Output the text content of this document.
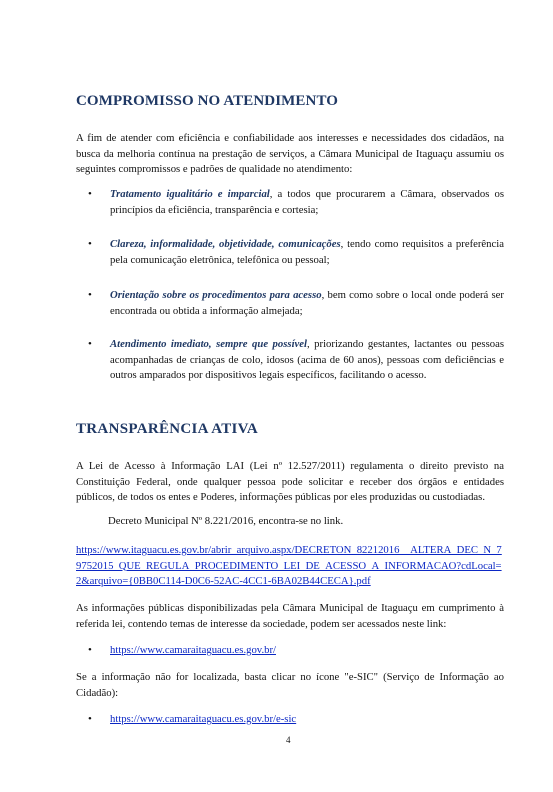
COMPROMISSO NO ATENDIMENTO

A fim de atender com eficiência e confiabilidade aos interesses e necessidades dos cidadãos, na busca da melhoria contínua na prestação de serviços, a Câmara Municipal de Itaguaçu assumiu os seguintes compromissos e padrões de qualidade no atendimento:

•	Tratamento igualitário e imparcial, a todos que procurarem a Câmara, observados os princípios da eficiência, transparência e cortesia;
•	Clareza, informalidade, objetividade, comunicações, tendo como requisitos a preferência pela comunicação eletrônica, telefônica ou pessoal;
•	Orientação sobre os procedimentos para acesso, bem como sobre o local onde poderá ser encontrada ou obtida a informação almejada;
•	Atendimento imediato, sempre que possível, priorizando gestantes, lactantes ou pessoas acompanhadas de crianças de colo, idosos (acima de 60 anos), pessoas com deficiências e outros amparados por dispositivos legais específicos, facilitando o acesso.
TRANSPARÊNCIA ATIVA

A Lei de Acesso à Informação LAI (Lei nº 12.527/2011) regulamenta o direito previsto na Constituição Federal, onde qualquer pessoa pode solicitar e receber dos órgãos e entidades públicos, de todos os entes e Poderes, informações públicas por eles produzidas ou custodiadas.

Decreto Municipal Nº 8.221/2016, encontra-se no link.

https://www.itaguacu.es.gov.br/abrir_arquivo.aspx/DECRETON_82212016__ALTERA_DEC_N_79752015_QUE_REGULA_PROCEDIMENTO_LEI_DE_ACESSO_A_INFORMACAO?cdLocal=2&arquivo={0BB0C114-D0C6-52AC-4CC1-6BA02B44CECA}.pdf

As informações públicas disponibilizadas pela Câmara Municipal de Itaguaçu em cumprimento à referida lei, contendo temas de interesse da sociedade, podem ser acessados neste link:

•	https://www.camaraitaguacu.es.gov.br/

Se a informação não for localizada, basta clicar no ícone "e-SIC" (Serviço de Informação ao Cidadão):

•	https://www.camaraitaguacu.es.gov.br/e-sic

4
